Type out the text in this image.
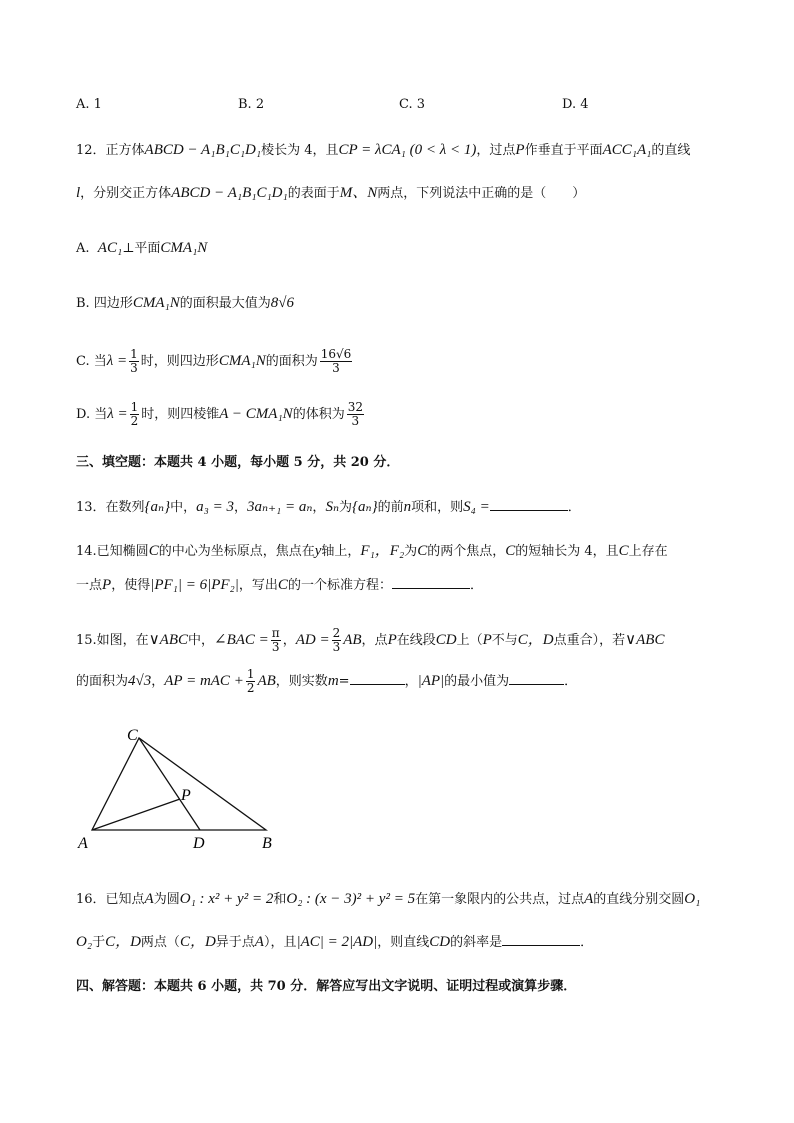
A. 1	B. 2	C. 3	D. 4
12．正方体ABCD − A₁B₁C₁D₁棱长为 4，且CP = λCA₁ (0 < λ < 1)，过点P作垂直于平面ACC₁A₁的直线
l，分别交正方体ABCD − A₁B₁C₁D₁的表面于M、N两点，下列说法中正确的是（　　）
A. AC₁⊥平面CMA₁N
B. 四边形CMA₁N的面积最大值为8√6
C. 当$\lambda = \frac{1}{3}$ 时，则四边形CMA₁N的面积为 $\frac{16√6}{3}$
D. 当$\lambda = \frac{1}{2}$ 时，则四棱锥A − CMA₁N的体积为 $\frac{32}{3}$
三、填空题：本题共 4 小题，每小题 5 分，共 20 分．
13．在数列{aₙ}中，a₃ = 3，3aₙ₊₁ = aₙ，Sₙ为{aₙ}的前n项和，则S₄ =	．
14.已知椭圆C的中心为坐标原点，焦点在y轴上，F₁，F₂为C的两个焦点，C的短轴长为 4，且C上存在
一点P，使得|PF₁| = 6|PF₂|，写出C的一个标准方程：	．
15.如图，在∨ABC中，∠BAC = $\frac{\pi}{3}$ ，AD = $\frac{2}{3}$ AB，点P在线段CD上（P不与C，D点重合），若∨ABC
的面积为4√3，AP = mAC + $\frac{1}{2}$ AB，则实数m=	，|AP|的最小值为	．
C
P
A	D	B
16．已知点A为圆O₁ : x² + y² = 2和O₂ : (x − 3)² + y² = 5在第一象限内的公共点，过点A的直线分别交圆O₁
O₂于C，D两点（C，D异于点A），且|AC| = 2|AD|，则直线CD的斜率是	．
四、解答题：本题共 6 小题，共 70 分．解答应写出文字说明、证明过程或演算步骤．
